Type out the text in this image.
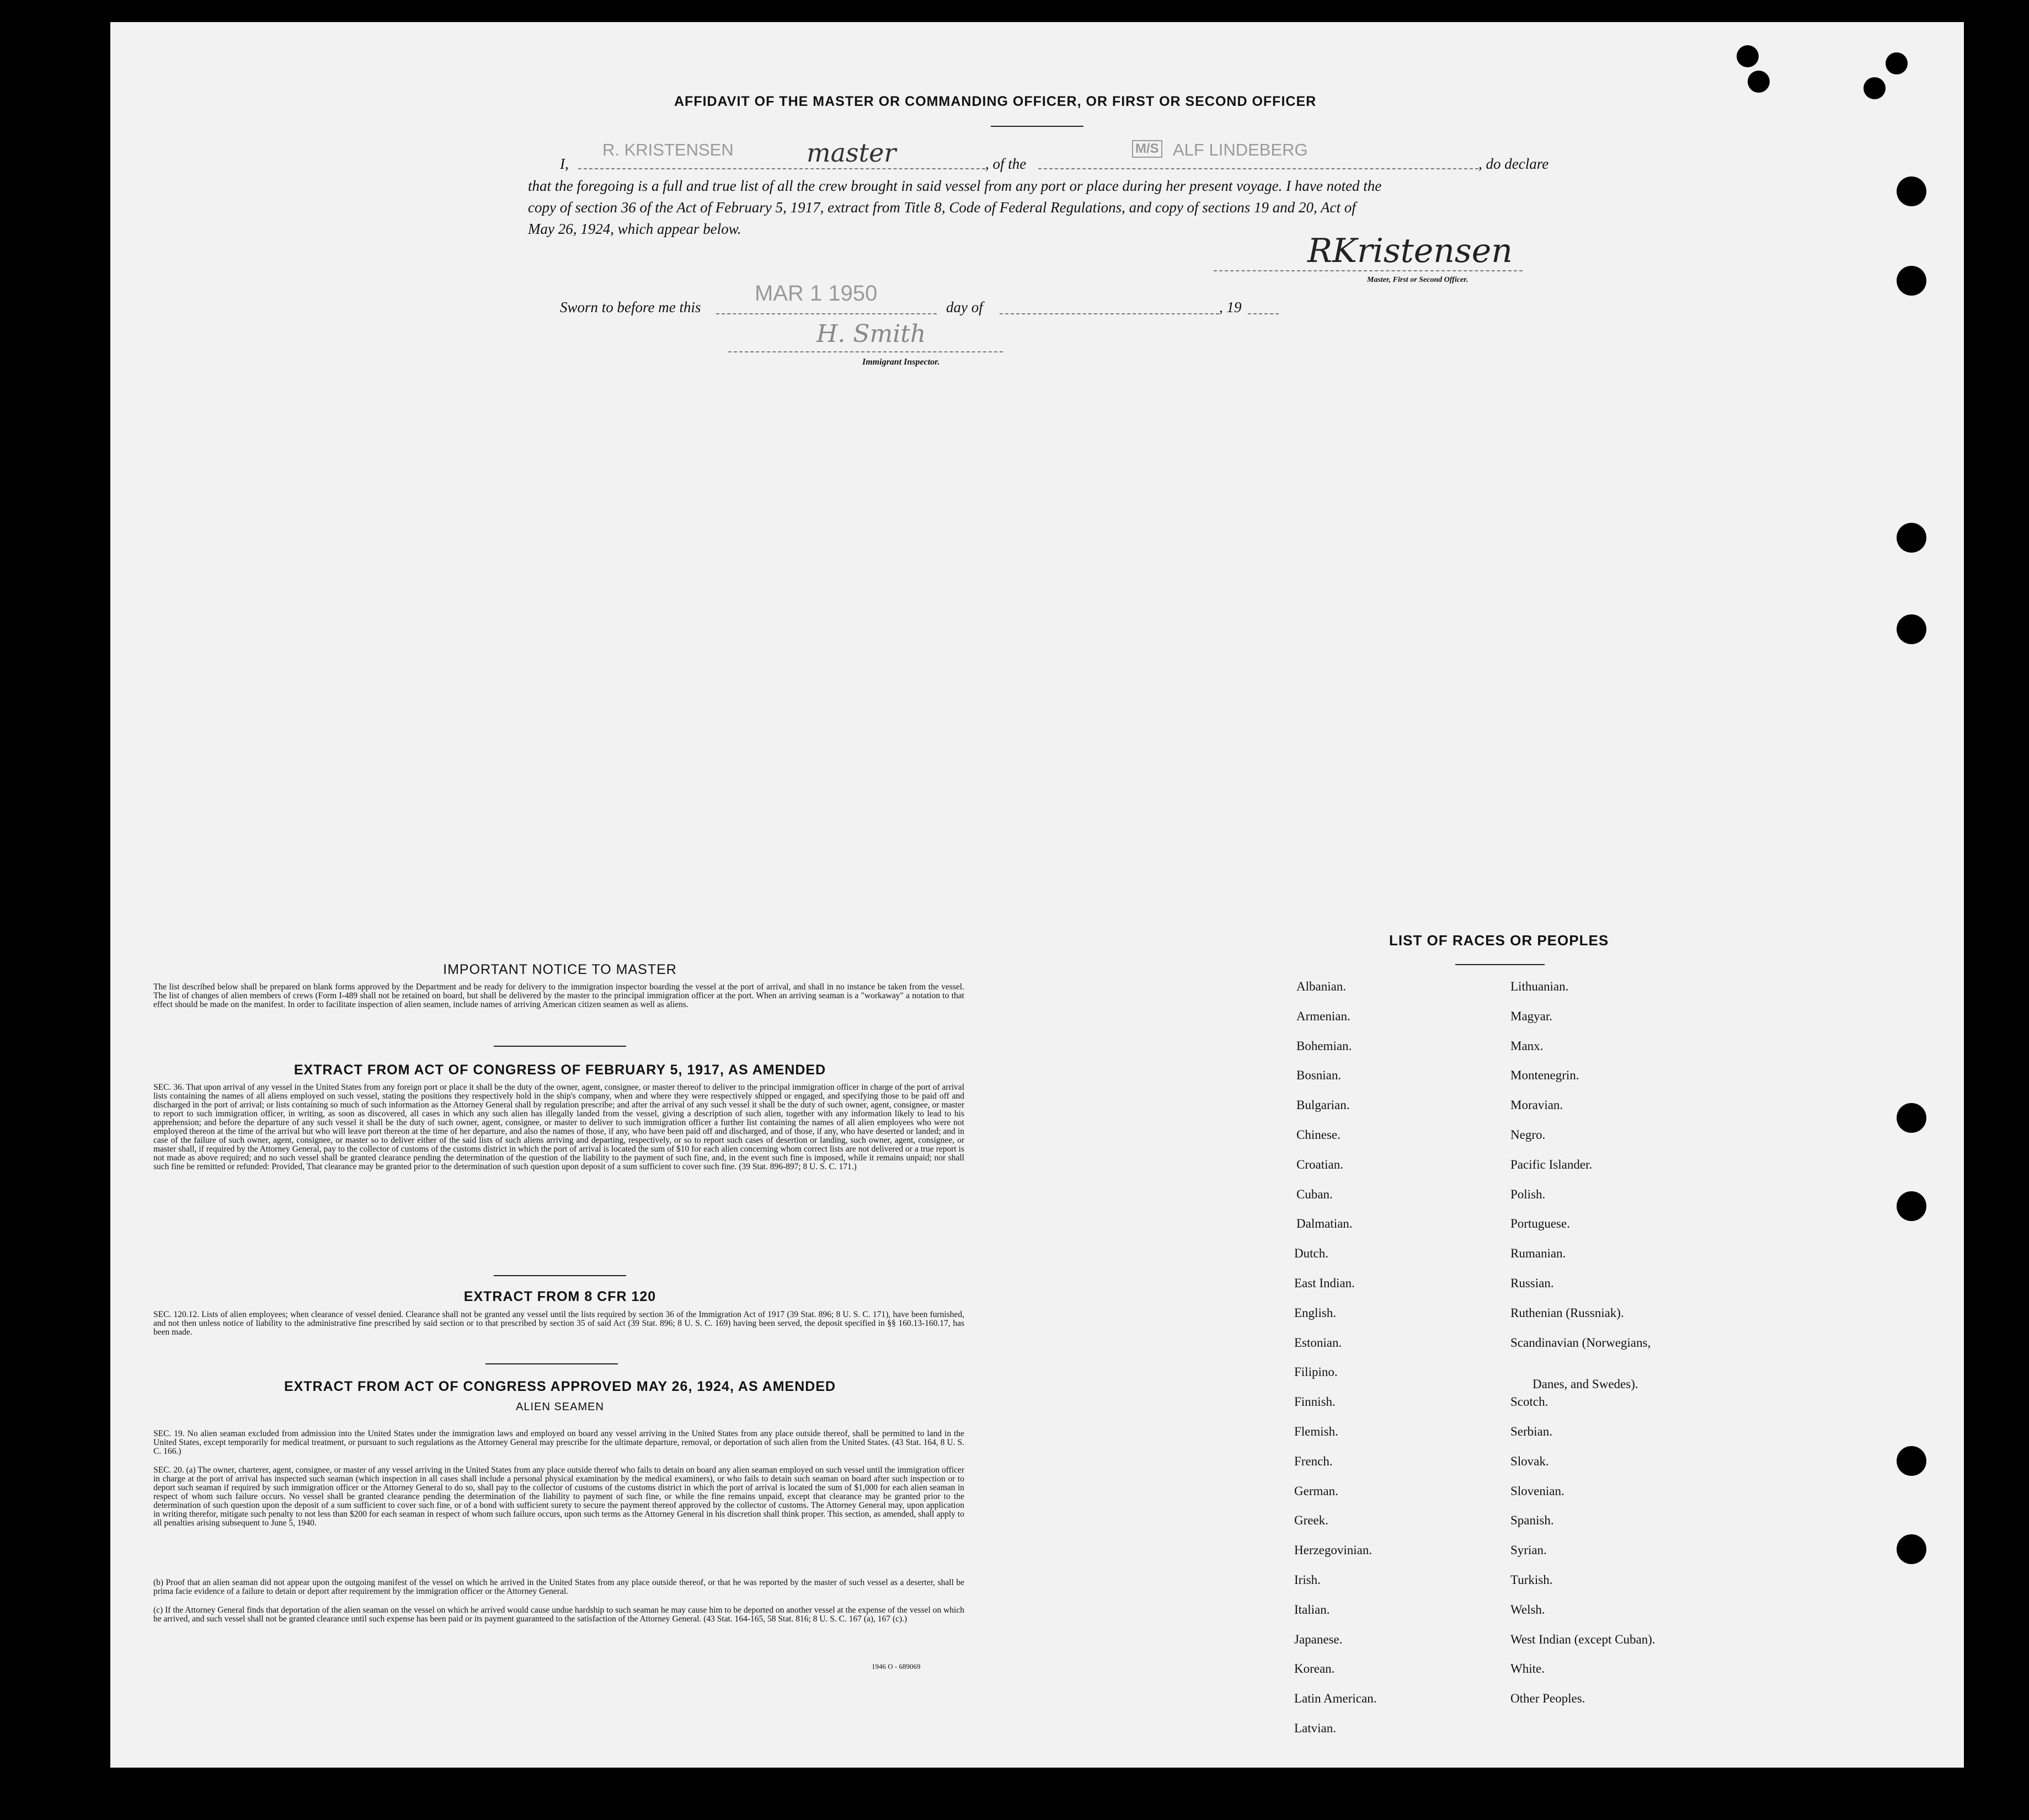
AFFIDAVIT OF THE MASTER OR COMMANDING OFFICER, OR FIRST OR SECOND OFFICER
I,
R. KRISTENSEN	master	, of the
M/S ALF LINDEBERG
, do declare
that the foregoing is a full and true list of all the crew brought in said vessel from any port or place during her present voyage. I have noted the
copy of section 36 of the Act of February 5, 1917, extract from Title 8, Code of Federal Regulations, and copy of sections 19 and 20, Act of
May 26, 1924, which appear below.
RKristensen
Master, First or Second Officer.
Sworn to before me this
MAR 1 1950
day of	, 19
H. Smith
Immigrant Inspector.
IMPORTANT NOTICE TO MASTER
The list described below shall be prepared on blank forms approved by the Department and be ready for delivery to the immigration inspector boarding the vessel at the port of arrival, and shall in no instance be taken from the vessel. The list of changes of alien members of crews (Form I-489 shall not be retained on board, but shall be delivered by the master to the principal immigration officer at the port. When an arriving seaman is a "workaway" a notation to that effect should be made on the manifest. In order to facilitate inspection of alien seamen, include names of arriving American citizen seamen as well as aliens.
EXTRACT FROM ACT OF CONGRESS OF FEBRUARY 5, 1917, AS AMENDED
SEC. 36. That upon arrival of any vessel in the United States from any foreign port or place it shall be the duty of the owner, agent, consignee, or master thereof to deliver to the principal immigration officer in charge of the port of arrival lists containing the names of all aliens employed on such vessel, stating the positions they respectively hold in the ship's company, when and where they were respectively shipped or engaged, and specifying those to be paid off and discharged in the port of arrival; or lists containing so much of such information as the Attorney General shall by regulation prescribe; and after the arrival of any such vessel it shall be the duty of such owner, agent, consignee, or master to report to such immigration officer, in writing, as soon as discovered, all cases in which any such alien has illegally landed from the vessel, giving a description of such alien, together with any information likely to lead to his apprehension; and before the departure of any such vessel it shall be the duty of such owner, agent, consignee, or master to deliver to such immigration officer a further list containing the names of all alien employees who were not employed thereon at the time of the arrival but who will leave port thereon at the time of her departure, and also the names of those, if any, who have been paid off and discharged, and of those, if any, who have deserted or landed; and in case of the failure of such owner, agent, consignee, or master so to deliver either of the said lists of such aliens arriving and departing, respectively, or so to report such cases of desertion or landing, such owner, agent, consignee, or master shall, if required by the Attorney General, pay to the collector of customs of the customs district in which the port of arrival is located the sum of $10 for each alien concerning whom correct lists are not delivered or a true report is not made as above required; and no such vessel shall be granted clearance pending the determination of the question of the liability to the payment of such fine, and, in the event such fine is imposed, while it remains unpaid; nor shall such fine be remitted or refunded: Provided, That clearance may be granted prior to the determination of such question upon deposit of a sum sufficient to cover such fine. (39 Stat. 896-897; 8 U. S. C. 171.)
EXTRACT FROM 8 CFR 120
SEC. 120.12. Lists of alien employees; when clearance of vessel denied. Clearance shall not be granted any vessel until the lists required by section 36 of the Immigration Act of 1917 (39 Stat. 896; 8 U. S. C. 171), have been furnished, and not then unless notice of liability to the administrative fine prescribed by said section or to that prescribed by section 35 of said Act (39 Stat. 896; 8 U. S. C. 169) having been served, the deposit specified in §§ 160.13-160.17, has been made.
EXTRACT FROM ACT OF CONGRESS APPROVED MAY 26, 1924, AS AMENDED
ALIEN SEAMEN
SEC. 19. No alien seaman excluded from admission into the United States under the immigration laws and employed on board any vessel arriving in the United States from any place outside thereof, shall be permitted to land in the United States, except temporarily for medical treatment, or pursuant to such regulations as the Attorney General may prescribe for the ultimate departure, removal, or deportation of such alien from the United States. (43 Stat. 164, 8 U. S. C. 166.)
SEC. 20. (a) The owner, charterer, agent, consignee, or master of any vessel arriving in the United States from any place outside thereof who fails to detain on board any alien seaman employed on such vessel until the immigration officer in charge at the port of arrival has inspected such seaman (which inspection in all cases shall include a personal physical examination by the medical examiners), or who fails to detain such seaman on board after such inspection or to deport such seaman if required by such immigration officer or the Attorney General to do so, shall pay to the collector of customs of the customs district in which the port of arrival is located the sum of $1,000 for each alien seaman in respect of whom such failure occurs. No vessel shall be granted clearance pending the determination of the liability to payment of such fine, or while the fine remains unpaid, except that clearance may be granted prior to the determination of such question upon the deposit of a sum sufficient to cover such fine, or of a bond with sufficient surety to secure the payment thereof approved by the collector of customs. The Attorney General may, upon application in writing therefor, mitigate such penalty to not less than $200 for each seaman in respect of whom such failure occurs, upon such terms as the Attorney General in his discretion shall think proper. This section, as amended, shall apply to all penalties arising subsequent to June 5, 1940.
(b) Proof that an alien seaman did not appear upon the outgoing manifest of the vessel on which he arrived in the United States from any place outside thereof, or that he was reported by the master of such vessel as a deserter, shall be prima facie evidence of a failure to detain or deport after requirement by the immigration officer or the Attorney General.
(c) If the Attorney General finds that deportation of the alien seaman on the vessel on which he arrived would cause undue hardship to such seaman he may cause him to be deported on another vessel at the expense of the vessel on which he arrived, and such vessel shall not be granted clearance until such expense has been paid or its payment guaranteed to the satisfaction of the Attorney General. (43 Stat. 164-165, 58 Stat. 816; 8 U. S. C. 167 (a), 167 (c).)
1946 O - 689069
LIST OF RACES OR PEOPLES
Albanian.
Armenian.
Bohemian.
Bosnian.
Bulgarian.
Chinese.
Croatian.
Cuban.
Dalmatian.
Dutch.
East Indian.
English.
Estonian.
Filipino.
Finnish.
Flemish.
French.
German.
Greek.
Herzegovinian.
Irish.
Italian.
Japanese.
Korean.
Latin American.
Latvian.
Lithuanian.
Magyar.
Manx.
Montenegrin.
Moravian.
Negro.
Pacific Islander.
Polish.
Portuguese.
Rumanian.
Russian.
Ruthenian (Russniak).
Scandinavian (Norwegians,
Danes, and Swedes).
Scotch.
Serbian.
Slovak.
Slovenian.
Spanish.
Syrian.
Turkish.
Welsh.
West Indian (except Cuban).
White.
Other Peoples.
